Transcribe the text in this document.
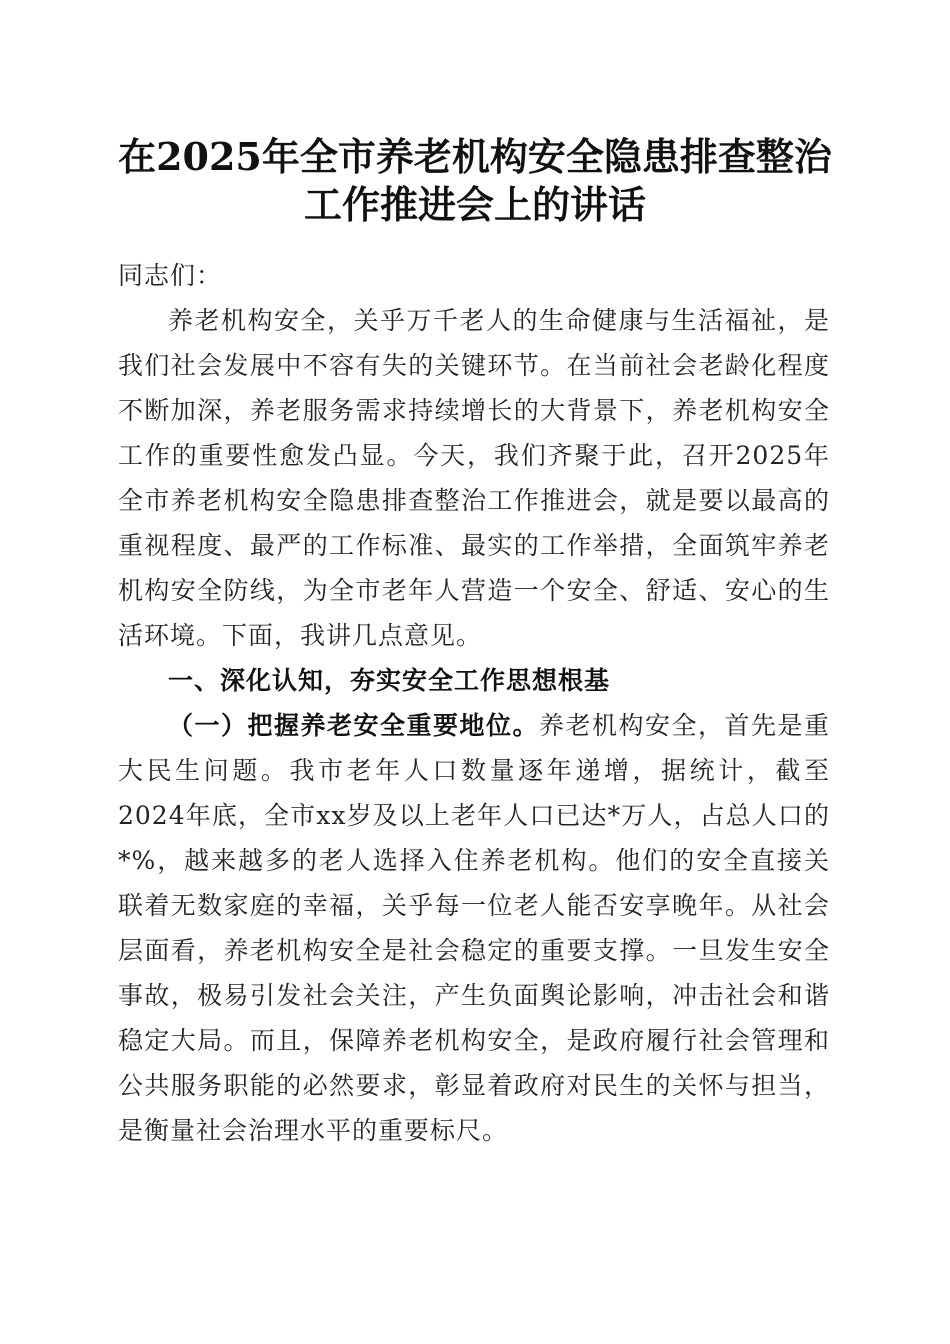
在2025年全市养老机构安全隐患排查整治工作推进会上的讲话

同志们：

养老机构安全，关乎万千老人的生命健康与生活福祉，是我们社会发展中不容有失的关键环节。在当前社会老龄化程度不断加深，养老服务需求持续增长的大背景下，养老机构安全工作的重要性愈发凸显。今天，我们齐聚于此，召开2025年全市养老机构安全隐患排查整治工作推进会，就是要以最高的重视程度、最严的工作标准、最实的工作举措，全面筑牢养老机构安全防线，为全市老年人营造一个安全、舒适、安心的生活环境。下面，我讲几点意见。

一、深化认知，夯实安全工作思想根基

（一）把握养老安全重要地位。养老机构安全，首先是重大民生问题。我市老年人口数量逐年递增，据统计，截至2024年底，全市xx岁及以上老年人口已达*万人，占总人口的*%，越来越多的老人选择入住养老机构。他们的安全直接关联着无数家庭的幸福，关乎每一位老人能否安享晚年。从社会层面看，养老机构安全是社会稳定的重要支撑。一旦发生安全事故，极易引发社会关注，产生负面舆论影响，冲击社会和谐稳定大局。而且，保障养老机构安全，是政府履行社会管理和公共服务职能的必然要求，彰显着政府对民生的关怀与担当，是衡量社会治理水平的重要标尺。
